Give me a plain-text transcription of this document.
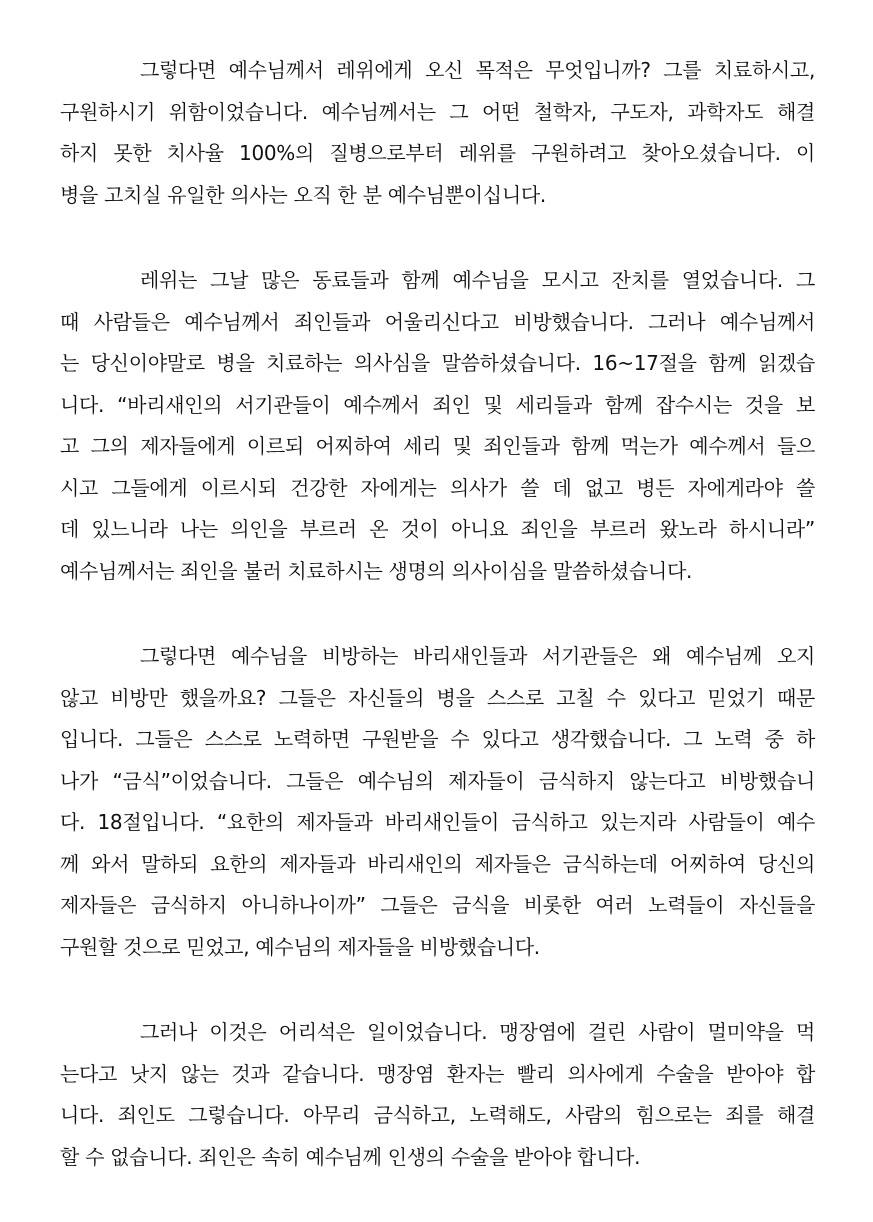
그렇다면 예수님께서 레위에게 오신 목적은 무엇입니까? 그를 치료하시고,
구원하시기 위함이었습니다. 예수님께서는 그 어떤 철학자, 구도자, 과학자도 해결
하지 못한 치사율 100%의 질병으로부터 레위를 구원하려고 찾아오셨습니다. 이
병을 고치실 유일한 의사는 오직 한 분 예수님뿐이십니다.

레위는 그날 많은 동료들과 함께 예수님을 모시고 잔치를 열었습니다. 그
때 사람들은 예수님께서 죄인들과 어울리신다고 비방했습니다. 그러나 예수님께서
는 당신이야말로 병을 치료하는 의사심을 말씀하셨습니다. 16~17절을 함께 읽겠습
니다. “바리새인의 서기관들이 예수께서 죄인 및 세리들과 함께 잡수시는 것을 보
고 그의 제자들에게 이르되 어찌하여 세리 및 죄인들과 함께 먹는가 예수께서 들으
시고 그들에게 이르시되 건강한 자에게는 의사가 쓸 데 없고 병든 자에게라야 쓸
데 있느니라 나는 의인을 부르러 온 것이 아니요 죄인을 부르러 왔노라 하시니라”
예수님께서는 죄인을 불러 치료하시는 생명의 의사이심을 말씀하셨습니다.

그렇다면 예수님을 비방하는 바리새인들과 서기관들은 왜 예수님께 오지
않고 비방만 했을까요? 그들은 자신들의 병을 스스로 고칠 수 있다고 믿었기 때문
입니다. 그들은 스스로 노력하면 구원받을 수 있다고 생각했습니다. 그 노력 중 하
나가 “금식”이었습니다. 그들은 예수님의 제자들이 금식하지 않는다고 비방했습니
다. 18절입니다. “요한의 제자들과 바리새인들이 금식하고 있는지라 사람들이 예수
께 와서 말하되 요한의 제자들과 바리새인의 제자들은 금식하는데 어찌하여 당신의
제자들은 금식하지 아니하나이까” 그들은 금식을 비롯한 여러 노력들이 자신들을
구원할 것으로 믿었고, 예수님의 제자들을 비방했습니다.

그러나 이것은 어리석은 일이었습니다. 맹장염에 걸린 사람이 멀미약을 먹
는다고 낫지 않는 것과 같습니다. 맹장염 환자는 빨리 의사에게 수술을 받아야 합
니다. 죄인도 그렇습니다. 아무리 금식하고, 노력해도, 사람의 힘으로는 죄를 해결
할 수 없습니다. 죄인은 속히 예수님께 인생의 수술을 받아야 합니다.
